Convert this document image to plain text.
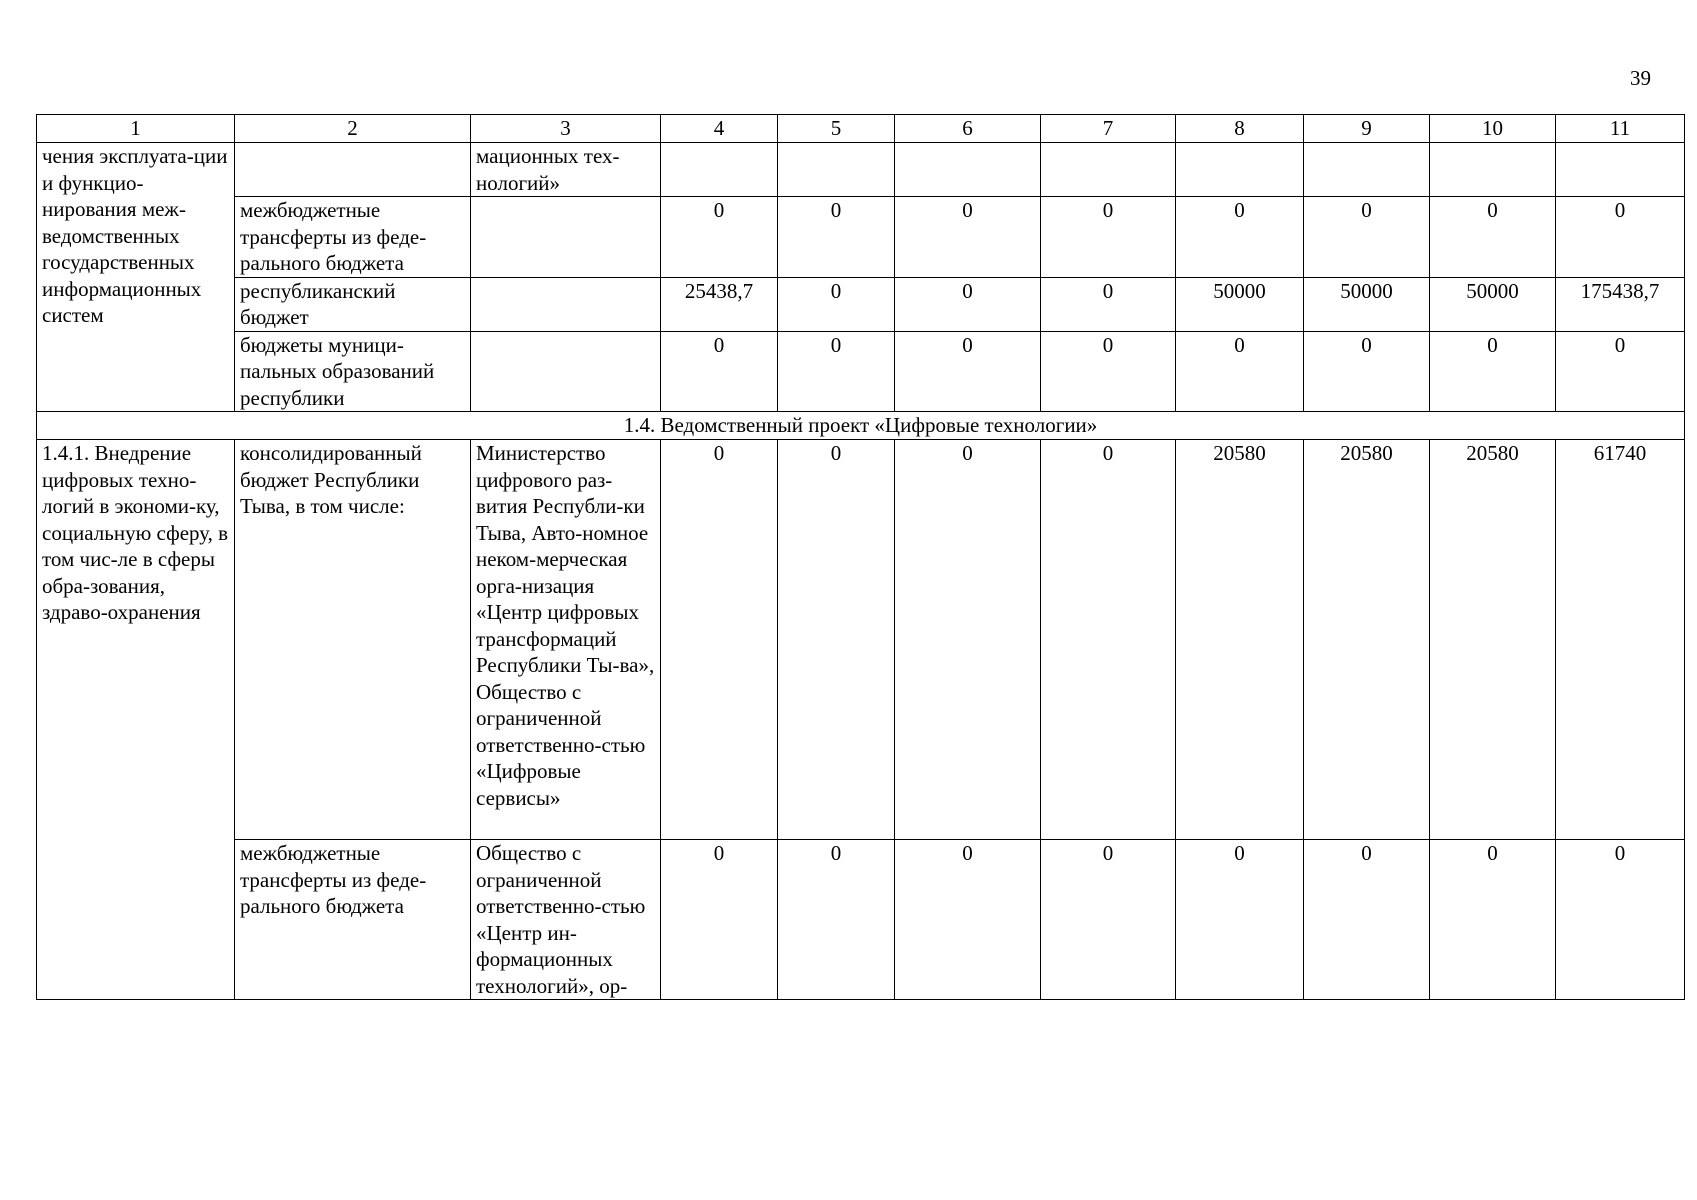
39
1	2	3	4	5	6	7	8	9	10	11
чения эксплуата-ции и функцио-нирования меж-ведомственных государственных информационных систем		мационных тех-нологий»								
	межбюджетные трансферты из феде-рального бюджета		0	0	0	0	0	0	0	0
	республиканский бюджет		25438,7	0	0	0	50000	50000	50000	175438,7
	бюджеты муници-пальных образований республики		0	0	0	0	0	0	0	0
1.4. Ведомственный проект «Цифровые технологии»										
1.4.1. Внедрение цифровых техно-логий в экономи-ку, социальную сферу, в том чис-ле в сферы обра-зования, здраво-охранения	консолидированный бюджет Республики Тыва, в том числе:	Министерство цифрового раз-вития Республи-ки Тыва, Авто-номное неком-мерческая орга-низация «Центр цифровых трансформаций Республики Ты-ва», Общество с ограниченной ответственно-стью «Цифровые сервисы»	0	0	0	0	20580	20580	20580	61740
	межбюджетные трансферты из феде-рального бюджета	Общество с ограниченной ответственно-стью «Центр ин-формационных технологий», ор-	0	0	0	0	0	0	0	0
